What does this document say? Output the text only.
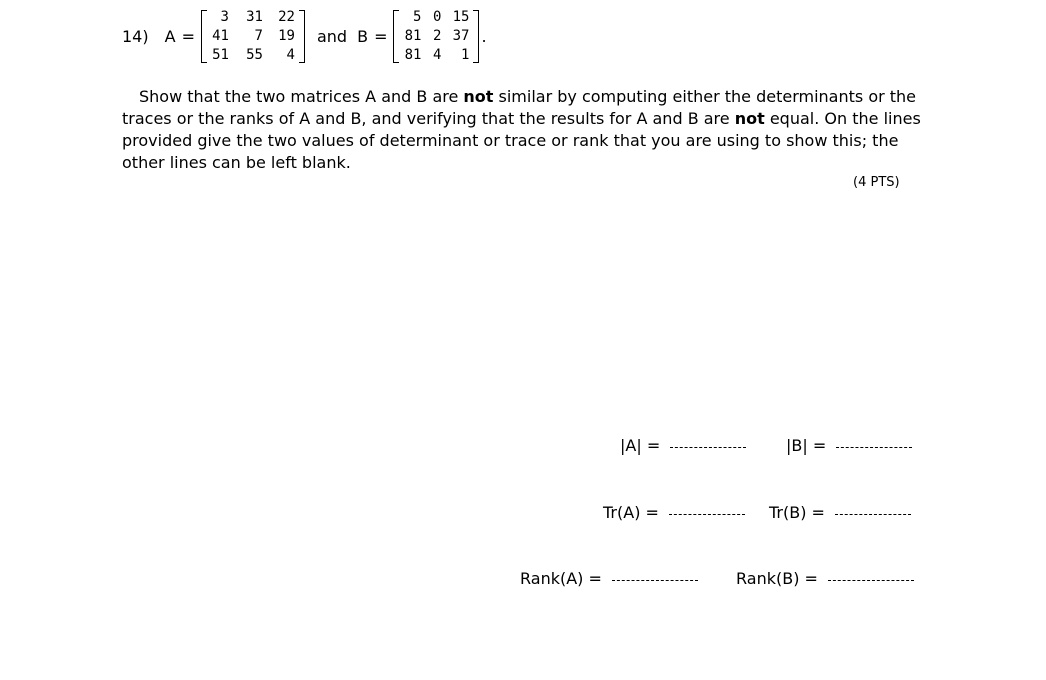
14) A =
3	31	22
41	7	19
51	55	4
and B =
5	0	15
81	2	37
81	4	1
.

Show that the two matrices A and B are not similar by computing either the determinants or the traces or the ranks of A and B, and verifying that the results for A and B are not equal. On the lines provided give the two values of determinant or trace or rank that you are using to show this; the other lines can be left blank.

(4 PTS)
|A| =	|B| =
Tr(A) =	Tr(B) =
Rank(A) =	Rank(B) =
